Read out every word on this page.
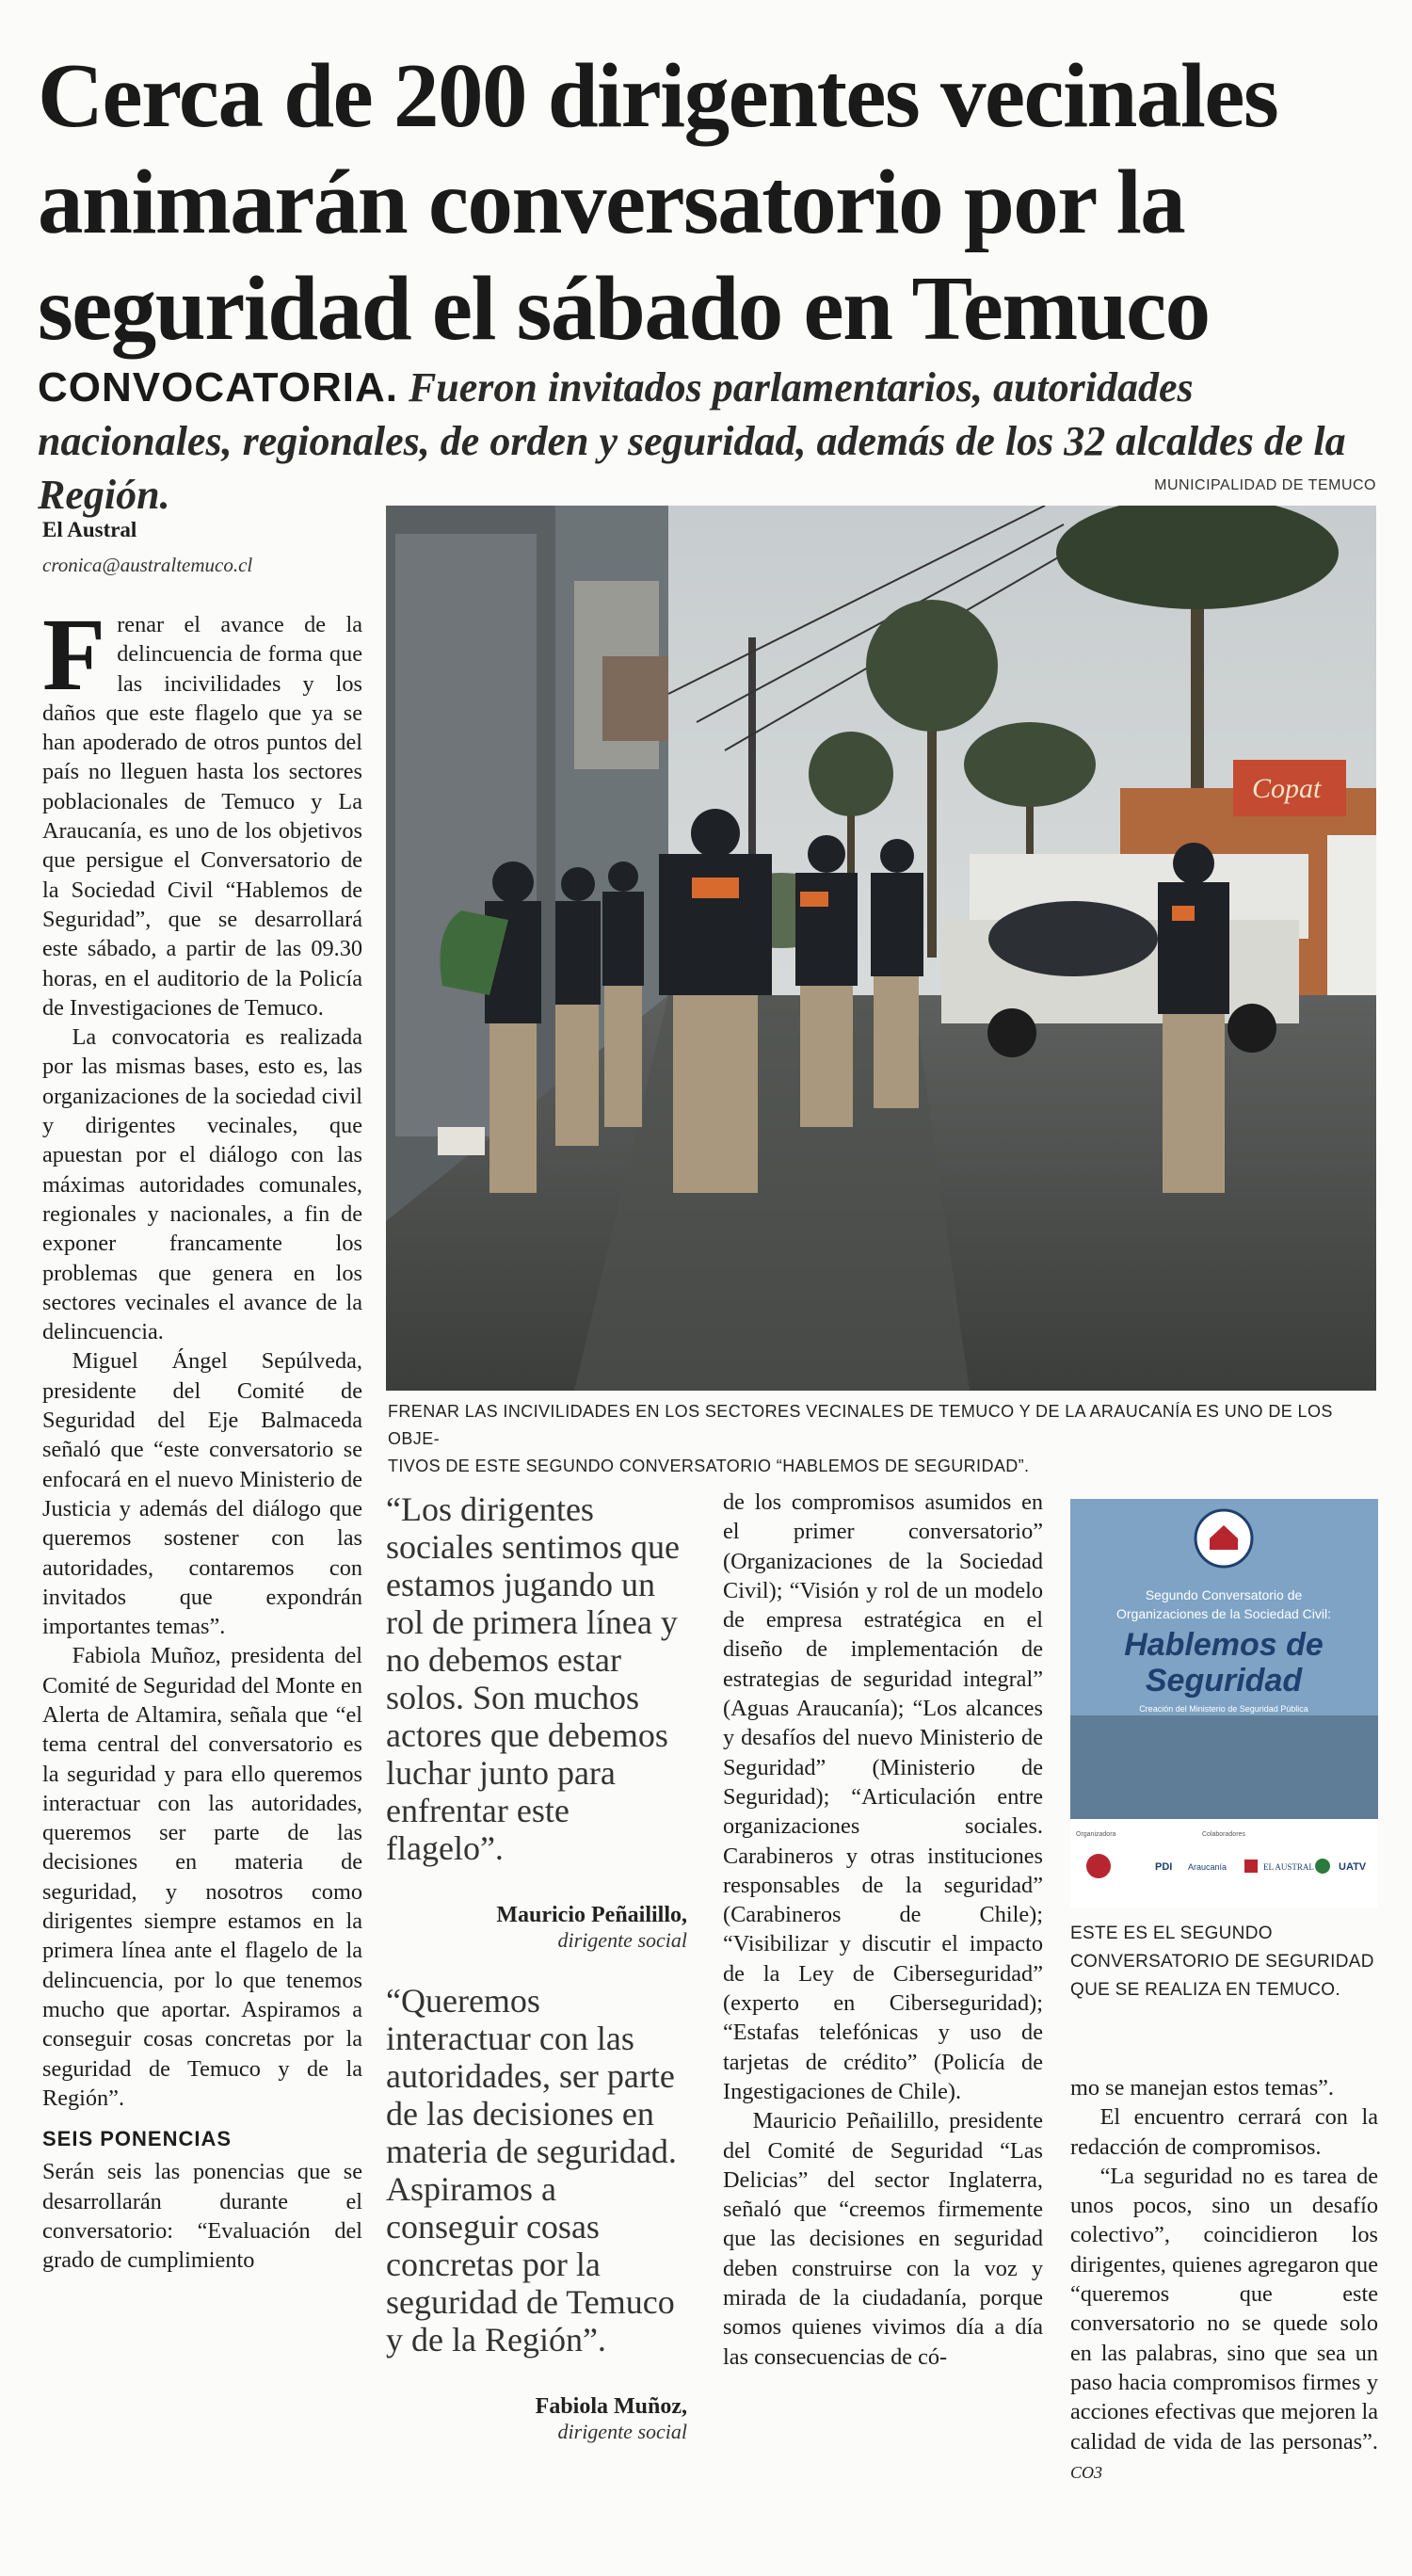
Cerca de 200 dirigentes vecinales animarán conversatorio por la seguridad el sábado en Temuco

CONVOCATORIA. Fueron invitados parlamentarios, autoridades nacionales, regionales, de orden y seguridad, además de los 32 alcaldes de la Región.	MUNICIPALIDAD DE TEMUCO
El Austral
cronica@australtemuco.cl
Copat

FRENAR LAS INCIVILIDADES EN LOS SECTORES VECINALES DE TEMUCO Y DE LA ARAUCANÍA ES UNO DE LOS OBJE-
TIVOS DE ESTE SEGUNDO CONVERSATORIO “HABLEMOS DE SEGURIDAD”.

Frenar el avance de la delincuencia de forma que las incivilidades y los daños que este flagelo que ya se han apoderado de otros puntos del país no lleguen hasta los sectores poblacionales de Temuco y La Araucanía, es uno de los objetivos que persigue el Conversatorio de la Sociedad Civil “Hablemos de Seguridad”, que se desarrollará este sábado, a partir de las 09.30 horas, en el auditorio de la Policía de Investigaciones de Temuco.

La convocatoria es realizada por las mismas bases, esto es, las organizaciones de la sociedad civil y dirigentes vecinales, que apuestan por el diálogo con las máximas autoridades comunales, regionales y nacionales, a fin de exponer francamente los problemas que genera en los sectores vecinales el avance de la delincuencia.

Miguel Ángel Sepúlveda, presidente del Comité de Seguridad del Eje Balmaceda señaló que “este conversatorio se enfocará en el nuevo Ministerio de Justicia y además del diálogo que queremos sostener con las autoridades, contaremos con invitados que expondrán importantes temas”.

Fabiola Muñoz, presidenta del Comité de Seguridad del Monte en Alerta de Altamira, señala que “el tema central del conversatorio es la seguridad y para ello queremos interactuar con las autoridades, queremos ser parte de las decisiones en materia de seguridad, y nosotros como dirigentes siempre estamos en la primera línea ante el flagelo de la delincuencia, por lo que tenemos mucho que aportar. Aspiramos a conseguir cosas concretas por la seguridad de Temuco y de la Región”.

SEIS PONENCIAS

Serán seis las ponencias que se desarrollarán durante el conversatorio: “Evaluación del grado de cumplimiento

“Los dirigentes sociales sentimos que estamos jugando un rol de primera línea y no debemos estar solos. Son muchos actores que debemos luchar junto para enfrentar este flagelo”.

Mauricio Peñailillo,
dirigente social

“Queremos interactuar con las autoridades, ser parte de las decisiones en materia de seguridad. Aspiramos a conseguir cosas concretas por la seguridad de Temuco y de la Región”.

Fabiola Muñoz,
dirigente social

de los compromisos asumidos en el primer conversatorio” (Organizaciones de la Sociedad Civil); “Visión y rol de un modelo de empresa estratégica en el diseño de implementación de estrategias de seguridad integral” (Aguas Araucanía); “Los alcances y desafíos del nuevo Ministerio de Seguridad” (Ministerio de Seguridad); “Articulación entre organizaciones sociales. Carabineros y otras instituciones responsables de la seguridad” (Carabineros de Chile); “Visibilizar y discutir el impacto de la Ley de Ciberseguridad” (experto en Ciberseguridad); “Estafas telefónicas y uso de tarjetas de crédito” (Policía de Ingestigaciones de Chile).

Mauricio Peñailillo, presidente del Comité de Seguridad “Las Delicias” del sector Inglaterra, señaló que “creemos firmemente que las decisiones en seguridad deben construirse con la voz y mirada de la ciudadanía, porque somos quienes vivimos día a día las consecuencias de có-

Segundo Conversatorio de
Organizaciones de la Sociedad Civil:
Hablemos de
Seguridad
Creación del Ministerio de Seguridad Pública
Organizadora	Colaboradores
PDI Araucanía	EL AUSTRAL UATV

ESTE ES EL SEGUNDO CONVERSATORIO DE SEGURIDAD QUE SE REALIZA EN TEMUCO.

mo se manejan estos temas”.

El encuentro cerrará con la redacción de compromisos.

“La seguridad no es tarea de unos pocos, sino un desafío colectivo”, coincidieron los dirigentes, quienes agregaron que “queremos que este conversatorio no se quede solo en las palabras, sino que sea un paso hacia compromisos firmes y acciones efectivas que mejoren la calidad de vida de las personas”. CO3
